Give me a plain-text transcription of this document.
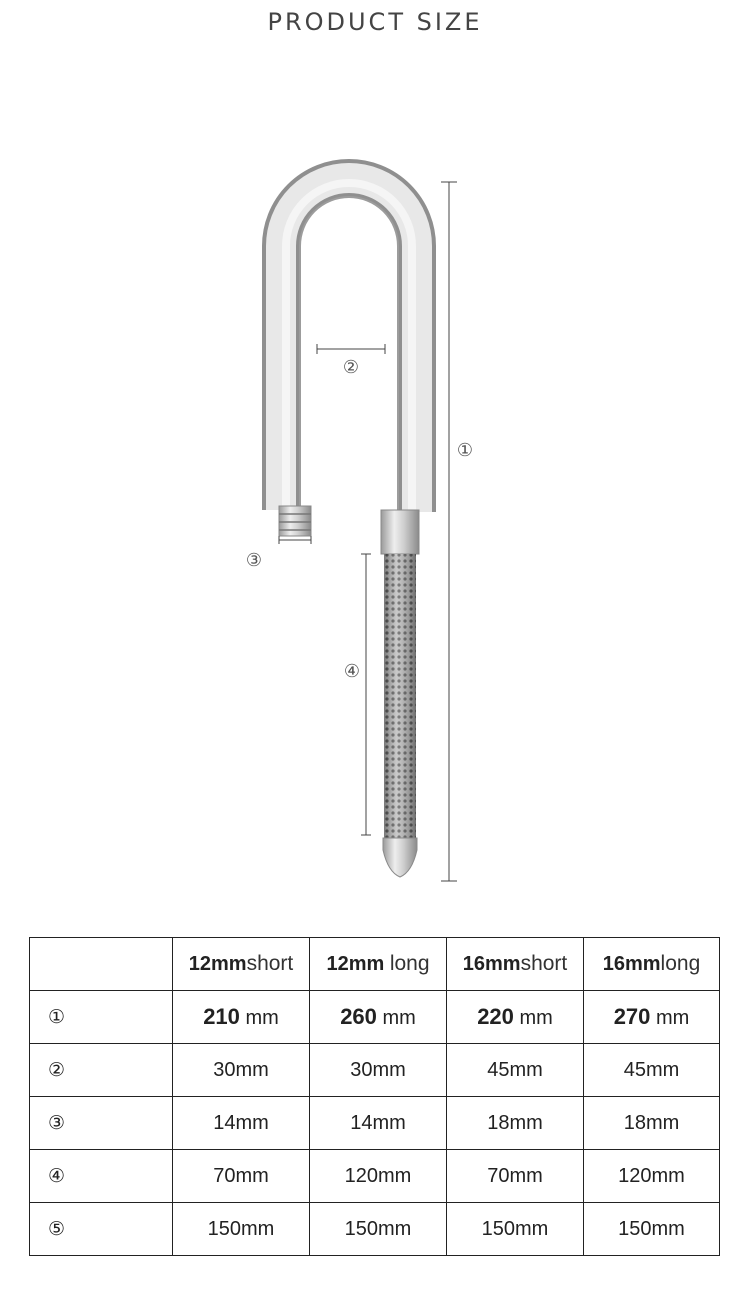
PRODUCT SIZE
①
②
③
④
	12mmshort	12mm long	16mmshort	16mmlong
①	210 mm	260 mm	220 mm	270 mm
②	30mm	30mm	45mm	45mm
③	14mm	14mm	18mm	18mm
④	70mm	120mm	70mm	120mm
⑤	150mm	150mm	150mm	150mm
